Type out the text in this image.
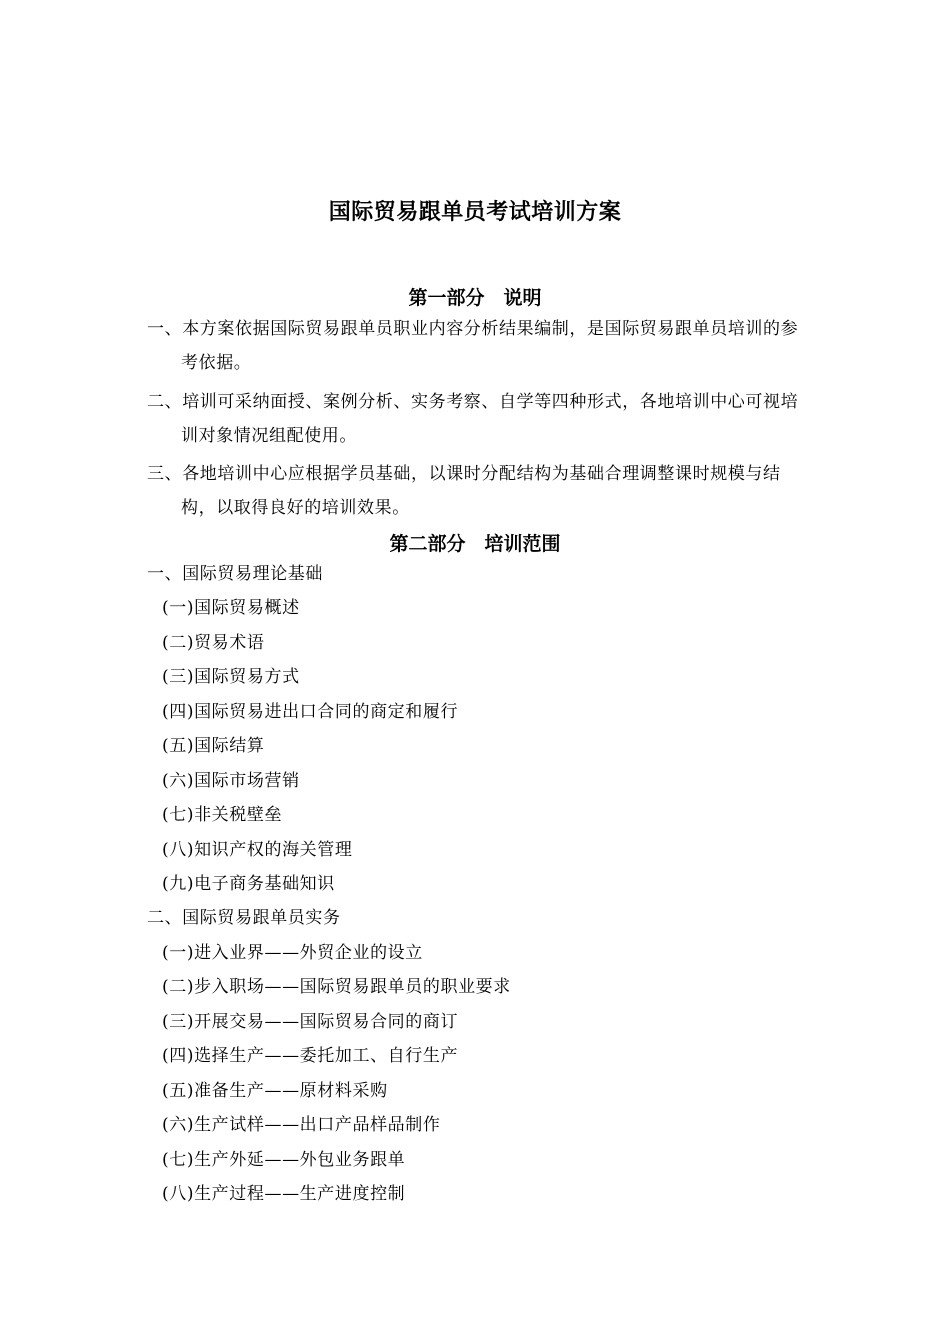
国际贸易跟单员考试培训方案
第一部分　说明
一、本方案依据国际贸易跟单员职业内容分析结果编制，是国际贸易跟单员培训的参考依据。
二、培训可采纳面授、案例分析、实务考察、自学等四种形式，各地培训中心可视培训对象情况组配使用。
三、各地培训中心应根据学员基础，以课时分配结构为基础合理调整课时规模与结构，以取得良好的培训效果。
第二部分　培训范围
一、国际贸易理论基础
(一)国际贸易概述
(二)贸易术语
(三)国际贸易方式
(四)国际贸易进出口合同的商定和履行
(五)国际结算
(六)国际市场营销
(七)非关税壁垒
(八)知识产权的海关管理
(九)电子商务基础知识
二、国际贸易跟单员实务
(一)进入业界——外贸企业的设立
(二)步入职场——国际贸易跟单员的职业要求
(三)开展交易——国际贸易合同的商订
(四)选择生产——委托加工、自行生产
(五)准备生产——原材料采购
(六)生产试样——出口产品样品制作
(七)生产外延——外包业务跟单
(八)生产过程——生产进度控制
